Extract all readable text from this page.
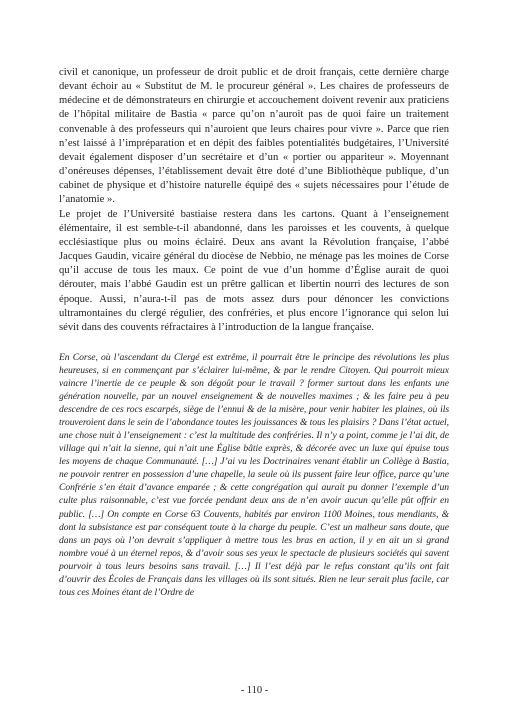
civil et canonique, un professeur de droit public et de droit français, cette dernière charge devant échoir au « Substitut de M. le procureur général ». Les chaires de professeurs de médecine et de démonstrateurs en chirurgie et accouchement doivent revenir aux praticiens de l’hôpital militaire de Bastia « parce qu’on n’auroit pas de quoi faire un traitement convenable à des professeurs qui n’auroient que leurs chaires pour vivre ». Parce que rien n’est laissé à l’impréparation et en dépit des faibles potentialités budgétaires, l’Université devait également disposer d’un secrétaire et d’un « portier ou appariteur ». Moyennant d’onéreuses dépenses, l’établissement devait être doté d’une Bibliothèque publique, d’un cabinet de physique et d’histoire naturelle équipé des « sujets nécessaires pour l’étude de l’anatomie ».

Le projet de l’Université bastiaise restera dans les cartons. Quant à l’enseignement élémentaire, il est semble-t-il abandonné, dans les paroisses et les couvents, à quelque ecclésiastique plus ou moins éclairé. Deux ans avant la Révolution française, l’abbé Jacques Gaudin, vicaire général du diocèse de Nebbio, ne ménage pas les moines de Corse qu’il accuse de tous les maux. Ce point de vue d’un homme d’Église aurait de quoi dérouter, mais l’abbé Gaudin est un prêtre gallican et libertin nourri des lectures de son époque. Aussi, n’aura-t-il pas de mots assez durs pour dénoncer les convictions ultramontaines du clergé régulier, des confréries, et plus encore l’ignorance qui selon lui sévit dans des couvents réfractaires à l’introduction de la langue française.

En Corse, où l’ascendant du Clergé est extrême, il pourrait être le principe des révolutions les plus heureuses, si en commençant par s’éclairer lui-même, & par le rendre Citoyen. Qui pourroit mieux vaincre l’inertie de ce peuple & son dégoût pour le travail ? former surtout dans les enfants une génération nouvelle, par un nouvel enseignement & de nouvelles maximes ; & les faire peu à peu descendre de ces rocs escarpés, siège de l’ennui & de la misère, pour venir habiter les plaines, où ils trouveroient dans le sein de l’abondance toutes les jouissances & tous les plaisirs ? Dans l’état actuel, une chose nuit à l’enseignement : c’est la multitude des confréries. Il n’y a point, comme je l’ai dit, de village qui n’ait la sienne, qui n’ait une Église bâtie exprès, & décorée avec un luxe qui épuise tous les moyens de chaque Communauté. […] J’ai vu les Doctrinaires venant établir un Collège à Bastia, ne pouvoir rentrer en possession d’une chapelle, la seule où ils pussent faire leur office, parce qu’une Confrérie s’en était d’avance emparée ; & cette congrégation qui aurait pu donner l’exemple d’un culte plus raisonnable, c’est vue forcée pendant deux ans de n’en avoir aucun qu’elle pût offrir en public. […] On compte en Corse 63 Couvents, habités par environ 1100 Moines, tous mendiants, & dont la subsistance est par conséquent toute à la charge du peuple. C’est un malheur sans doute, que dans un pays où l’on devrait s’appliquer à mettre tous les bras en action, il y en ait un si grand nombre voué à un éternel repos, & d’avoir sous ses yeux le spectacle de plusieurs sociétés qui savent pourvoir à tous leurs besoins sans travail. […] Il l’est déjà par le refus constant qu’ils ont fait d’ouvrir des Écoles de Français dans les villages où ils sont situés. Rien ne leur serait plus facile, car tous ces Moines étant de l’Ordre de

- 110 -
